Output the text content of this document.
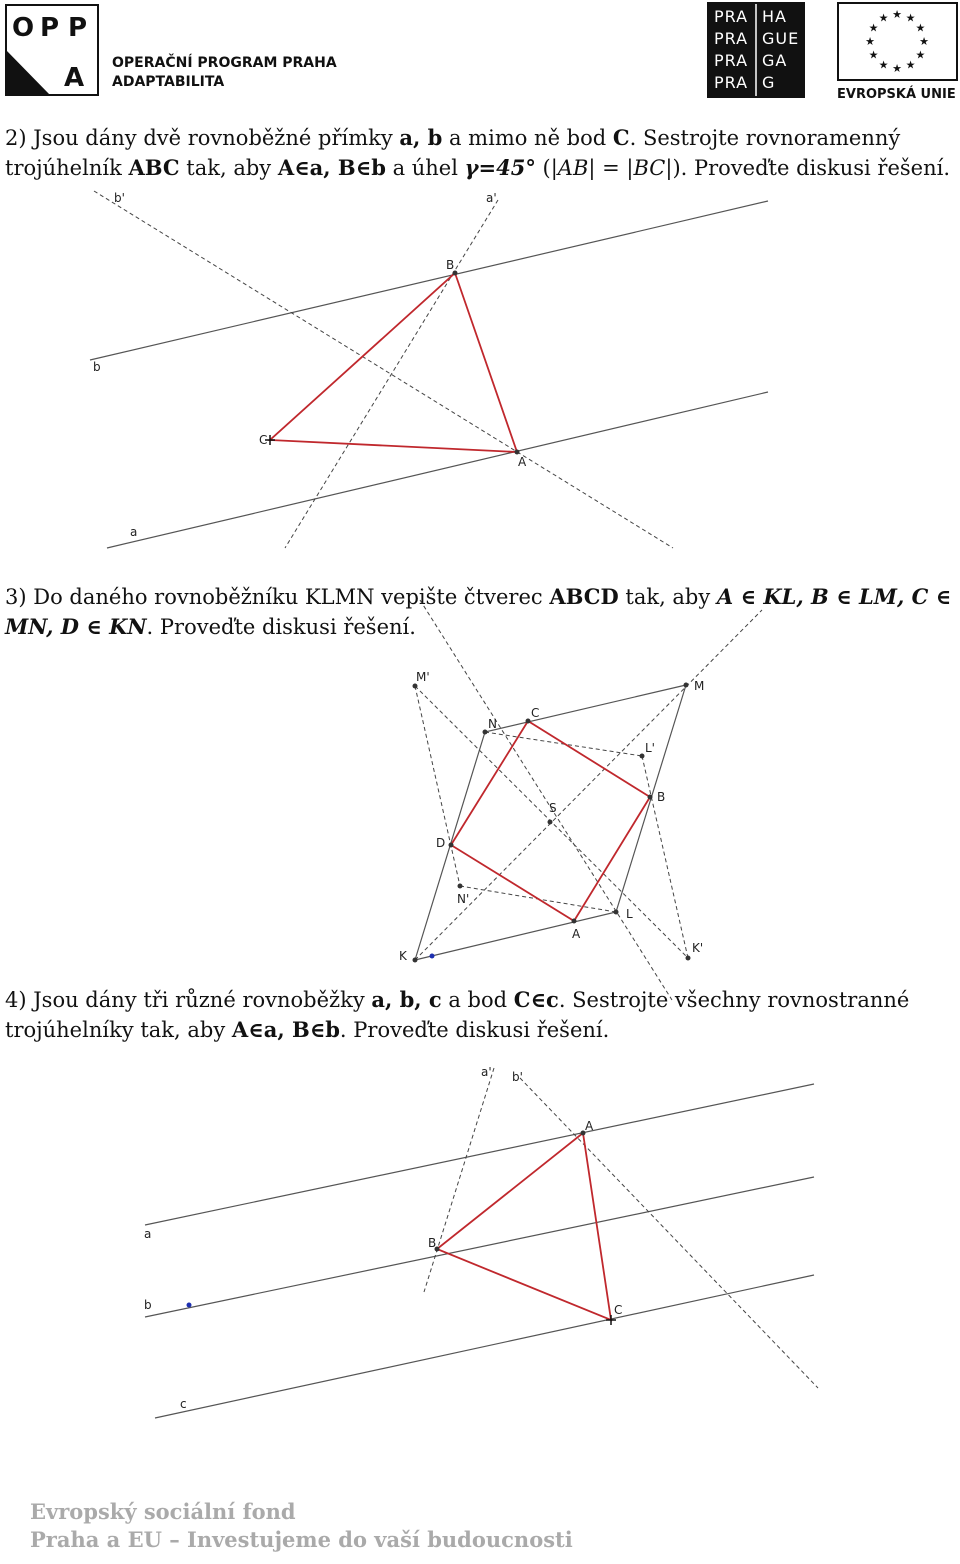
O P P
A OPERAČNÍ PROGRAM PRAHA
ADAPTABILITA
PRA HA
PRA GUE
PRA GA
PRA G
★ ★
★
★
★
★
★
★
★
★
★
★
EVROPSKÁ UNIE

2) Jsou dány dvě rovnoběžné přímky a, b a mimo ně bod C. Sestrojte rovnoramenný trojúhelník ABC tak, aby A∈a, B∈b a úhel γ=45° (|AB| = |BC|). Proveďte diskusi řešení.

b'	a'
B
b
C
A
a

3) Do daného rovnoběžníku KLMN vepište čtverec ABCD tak, aby A ∈ KL, B ∈ LM, C ∈ MN, D ∈ KN. Proveďte diskusi řešení.

M'
M
N
C
L'
S
B
D
N'
L
A
K
K'

4) Jsou dány tři různé rovnoběžky a, b, c a bod C∈c. Sestrojte všechny rovnostranné trojúhelníky tak, aby A∈a, B∈b. Proveďte diskusi řešení.

a' b'
A
a
B
b	C
c
Evropský sociální fond
Praha a EU – Investujeme do vaší budoucnosti
